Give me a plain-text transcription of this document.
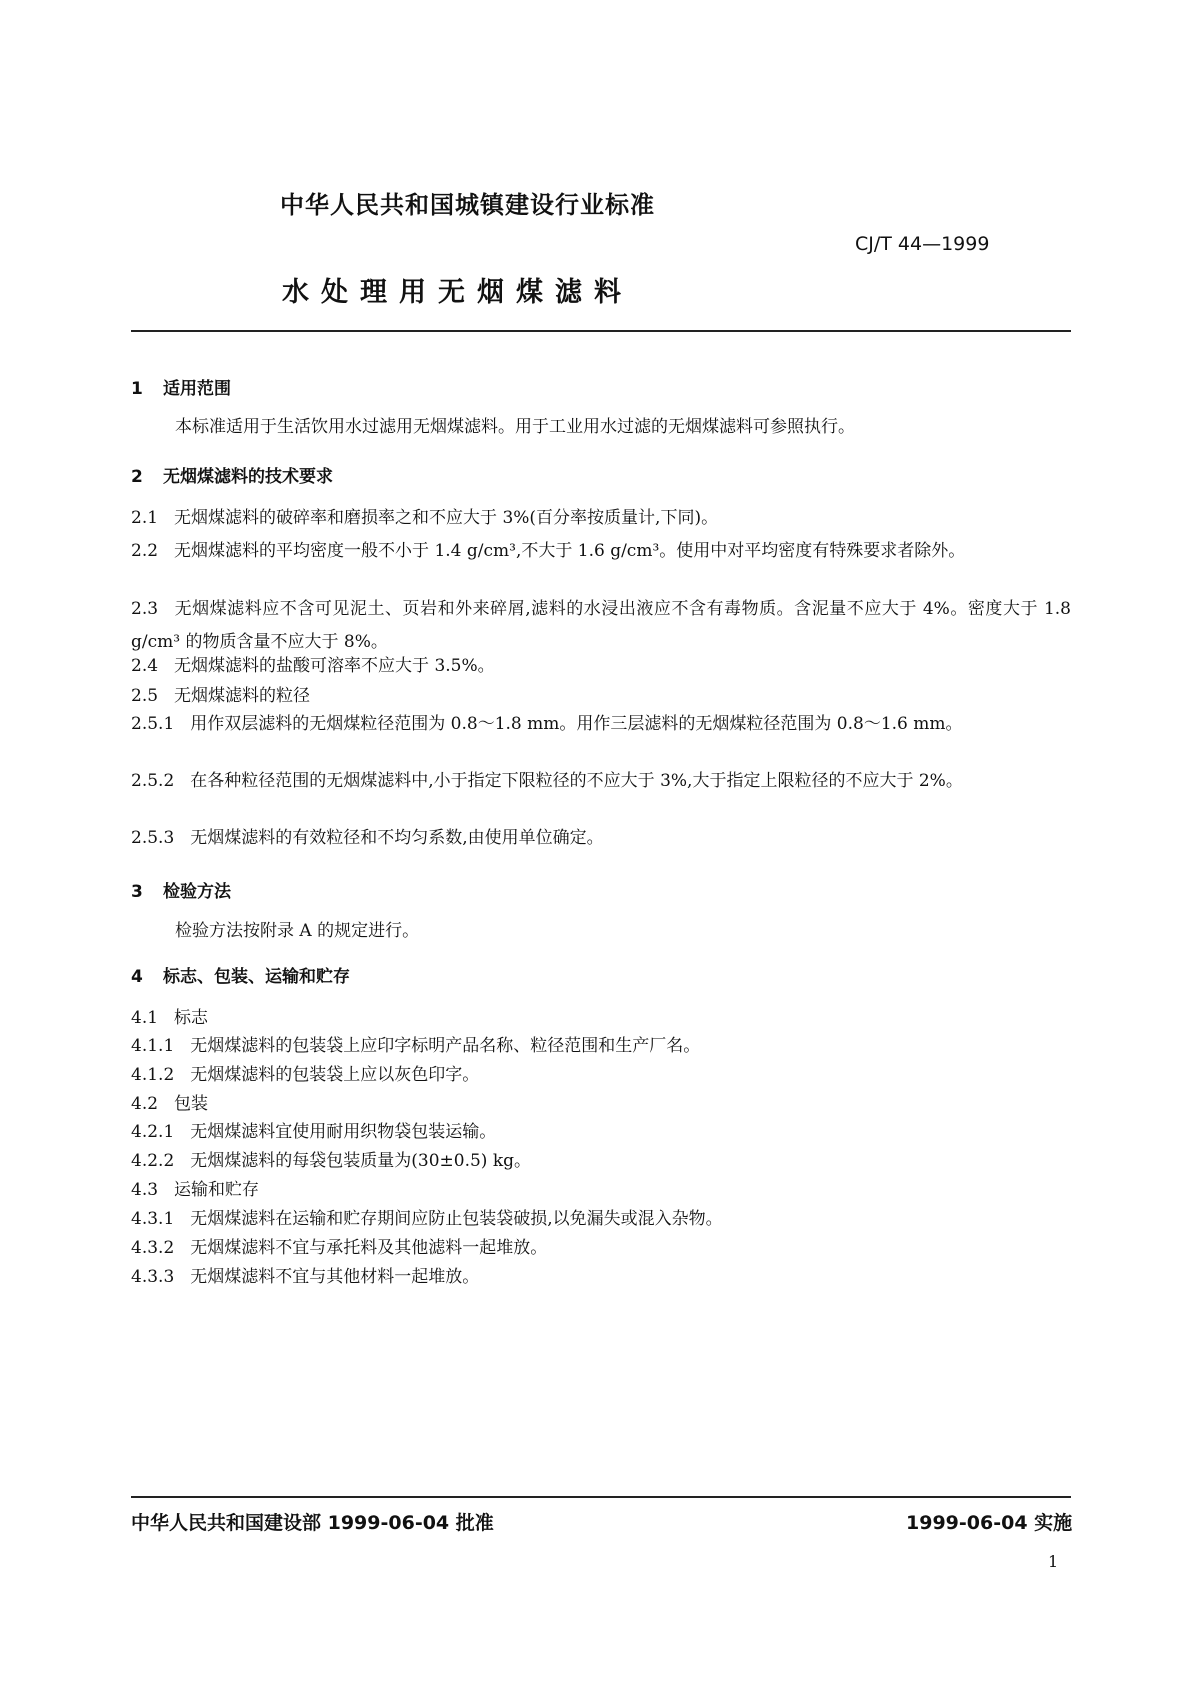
中华人民共和国城镇建设行业标准
CJ/T 44—1999
水处理用无烟煤滤料
1 适用范围
本标准适用于生活饮用水过滤用无烟煤滤料。用于工业用水过滤的无烟煤滤料可参照执行。
2 无烟煤滤料的技术要求
2.1 无烟煤滤料的破碎率和磨损率之和不应大于 3%(百分率按质量计,下同)。
2.2 无烟煤滤料的平均密度一般不小于 1.4 g/cm³,不大于 1.6 g/cm³。使用中对平均密度有特殊要求者除外。
2.3 无烟煤滤料应不含可见泥土、页岩和外来碎屑,滤料的水浸出液应不含有毒物质。含泥量不应大于 4%。密度大于 1.8 g/cm³ 的物质含量不应大于 8%。
2.4 无烟煤滤料的盐酸可溶率不应大于 3.5%。
2.5 无烟煤滤料的粒径
2.5.1 用作双层滤料的无烟煤粒径范围为 0.8～1.8 mm。用作三层滤料的无烟煤粒径范围为 0.8～1.6 mm。
2.5.2 在各种粒径范围的无烟煤滤料中,小于指定下限粒径的不应大于 3%,大于指定上限粒径的不应大于 2%。
2.5.3 无烟煤滤料的有效粒径和不均匀系数,由使用单位确定。
3 检验方法
检验方法按附录 A 的规定进行。
4 标志、包装、运输和贮存
4.1 标志
4.1.1 无烟煤滤料的包装袋上应印字标明产品名称、粒径范围和生产厂名。
4.1.2 无烟煤滤料的包装袋上应以灰色印字。
4.2 包装
4.2.1 无烟煤滤料宜使用耐用织物袋包装运输。
4.2.2 无烟煤滤料的每袋包装质量为(30±0.5) kg。
4.3 运输和贮存
4.3.1 无烟煤滤料在运输和贮存期间应防止包装袋破损,以免漏失或混入杂物。
4.3.2 无烟煤滤料不宜与承托料及其他滤料一起堆放。
4.3.3 无烟煤滤料不宜与其他材料一起堆放。
中华人民共和国建设部 1999-06-04 批准	1999-06-04 实施
1
